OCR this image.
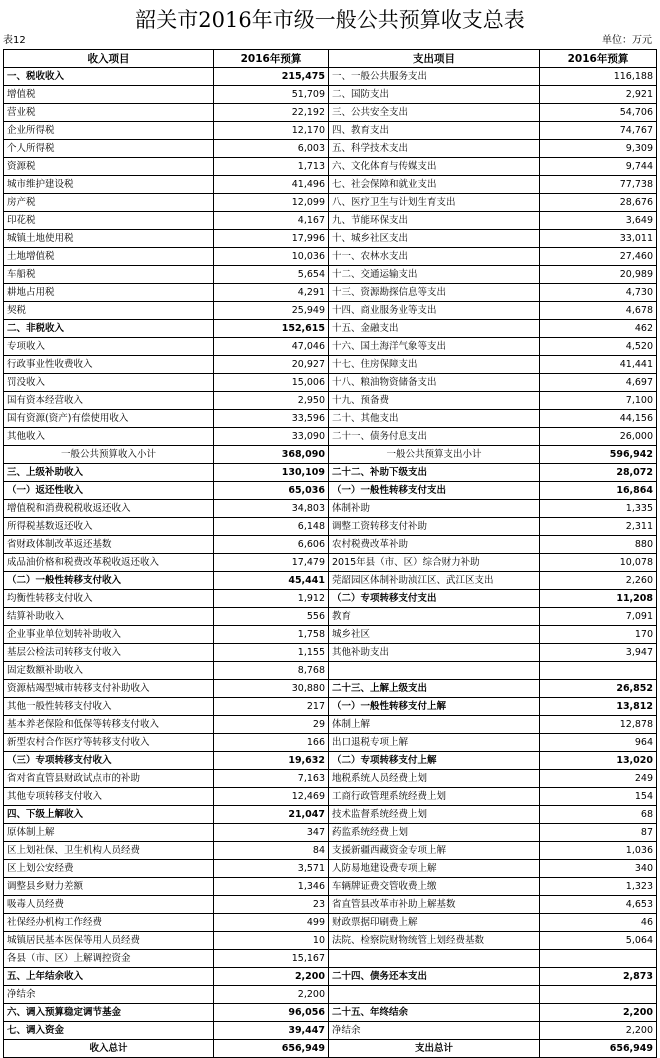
韶关市2016年市级一般公共预算收支总表
表12	单位：万元
收入项目	2016年预算	支出项目	2016年预算
一、税收收入	215,475	一、一般公共服务支出	116,188
增值税	51,709	二、国防支出	2,921
营业税	22,192	三、公共安全支出	54,706
企业所得税	12,170	四、教育支出	74,767
个人所得税	6,003	五、科学技术支出	9,309
资源税	1,713	六、文化体育与传媒支出	9,744
城市维护建设税	41,496	七、社会保障和就业支出	77,738
房产税	12,099	八、医疗卫生与计划生育支出	28,676
印花税	4,167	九、节能环保支出	3,649
城镇土地使用税	17,996	十、城乡社区支出	33,011
土地增值税	10,036	十一、农林水支出	27,460
车船税	5,654	十二、交通运输支出	20,989
耕地占用税	4,291	十三、资源勘探信息等支出	4,730
契税	25,949	十四、商业服务业等支出	4,678
二、非税收入	152,615	十五、金融支出	462
专项收入	47,046	十六、国土海洋气象等支出	4,520
行政事业性收费收入	20,927	十七、住房保障支出	41,441
罚没收入	15,006	十八、粮油物资储备支出	4,697
国有资本经营收入	2,950	十九、预备费	7,100
国有资源(资产)有偿使用收入	33,596	二十、其他支出	44,156
其他收入	33,090	二十一、债务付息支出	26,000
一般公共预算收入小计	368,090	一般公共预算支出小计	596,942
三、上级补助收入	130,109	二十二、补助下级支出	28,072
（一）返还性收入	65,036	（一）一般性转移支付支出	16,864
增值税和消费税税收返还收入	34,803	体制补助	1,335
所得税基数返还收入	6,148	调整工资转移支付补助	2,311
省财政体制改革返还基数	6,606	农村税费改革补助	880
成品油价格和税费改革税收返还收入	17,479	2015年县（市、区）综合财力补助	10,078
（二）一般性转移支付收入	45,441	莞韶园区体制补助浈江区、武江区支出	2,260
均衡性转移支付收入	1,912	（二）专项转移支付支出	11,208
结算补助收入	556	教育	7,091
企业事业单位划转补助收入	1,758	城乡社区	170
基层公检法司转移支付收入	1,155	其他补助支出	3,947
固定数额补助收入	8,768		
资源枯竭型城市转移支付补助收入	30,880	二十三、上解上级支出	26,852
其他一般性转移支付收入	217	（一）一般性转移支付上解	13,812
基本养老保险和低保等转移支付收入	29	体制上解	12,878
新型农村合作医疗等转移支付收入	166	出口退税专项上解	964
（三）专项转移支付收入	19,632	（二）专项转移支付上解	13,020
省对省直管县财政试点市的补助	7,163	地税系统人员经费上划	249
其他专项转移支付收入	12,469	工商行政管理系统经费上划	154
四、下级上解收入	21,047	技术监督系统经费上划	68
原体制上解	347	药监系统经费上划	87
区上划社保、卫生机构人员经费	84	支援新疆西藏资金专项上解	1,036
区上划公安经费	3,571	人防易地建设费专项上解	340
调整县乡财力差额	1,346	车辆牌证费交管收费上缴	1,323
吸毒人员经费	23	省直管县改革市补助上解基数	4,653
社保经办机构工作经费	499	财政票据印刷费上解	46
城镇居民基本医保等用人员经费	10	法院、检察院财物统管上划经费基数	5,064
各县（市、区）上解调控资金	15,167		
五、上年结余收入	2,200	二十四、债务还本支出	2,873
净结余	2,200		
六、调入预算稳定调节基金	96,056	二十五、年终结余	2,200
七、调入资金	39,447	净结余	2,200
收入总计	656,949	支出总计	656,949
